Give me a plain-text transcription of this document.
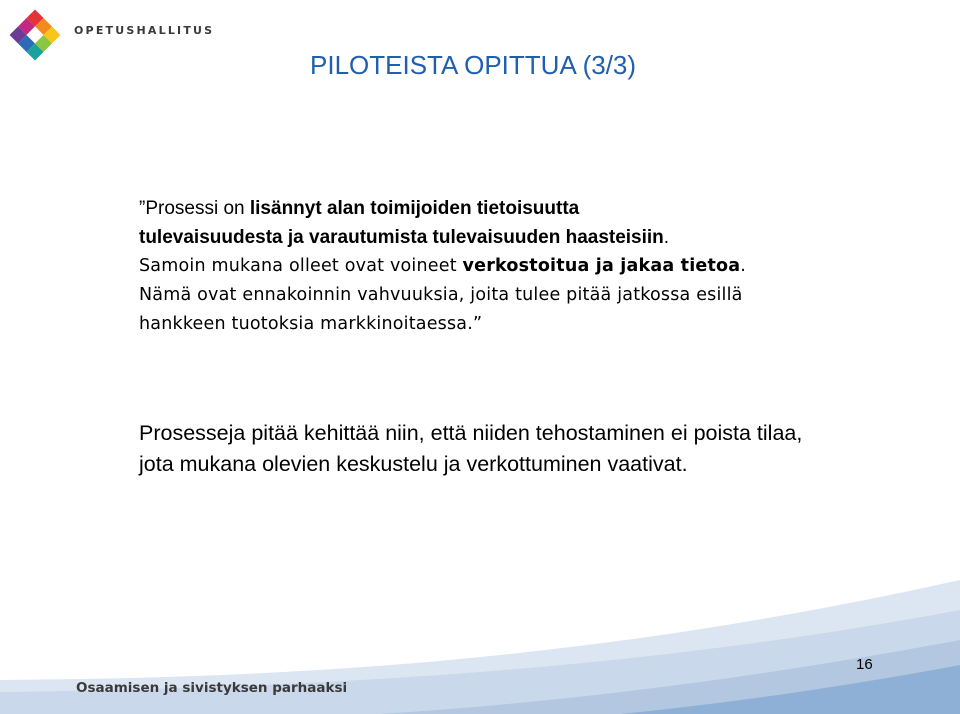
OPETUSHALLITUS
PILOTEISTA OPITTUA (3/3)
”Prosessi on lisännyt alan toimijoiden tietoisuutta
tulevaisuudesta ja varautumista tulevaisuuden haasteisiin.
Samoin mukana olleet ovat voineet verkostoitua ja jakaa tietoa.
Nämä ovat ennakoinnin vahvuuksia, joita tulee pitää jatkossa esillä
hankkeen tuotoksia markkinoitaessa.”
Prosesseja pitää kehittää niin, että niiden tehostaminen ei poista tilaa,
jota mukana olevien keskustelu ja verkottuminen vaativat.
Osaamisen ja sivistyksen parhaaksi
16
